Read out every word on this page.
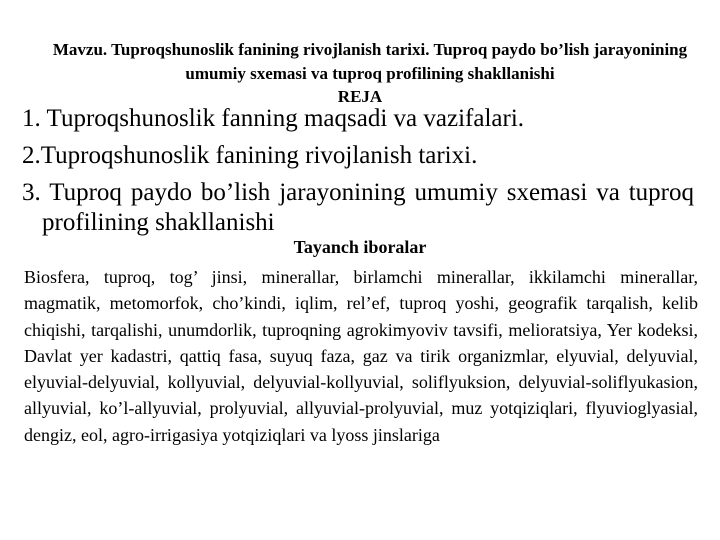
Mavzu. Tuproqshunoslik fanining rivojlanish tarixi. Tuproq paydo bo’lish jarayonining umumiy sxemasi va tuproq profilining shakllanishi
REJA
1. Tuproqshunoslik fanning maqsadi va vazifalari.
2.Tuproqshunoslik fanining rivojlanish tarixi.
3. Tuproq paydo bo’lish jarayonining umumiy sxemasi va tuproq profilining shakllanishi
Tayanch iboralar

Biosfera, tuproq, tog’ jinsi, minerallar, birlamchi minerallar, ikkilamchi minerallar, magmatik, metomorfok, cho’kindi, iqlim, rel’ef, tuproq yoshi, geografik tarqalish, kelib chiqishi, tarqalishi, unumdorlik, tuproqning agrokimyoviv tavsifi, melioratsiya, Yer kodeksi, Davlat yer kadastri, qattiq fasa, suyuq faza, gaz va tirik organizmlar, elyuvial, delyuvial, elyuvial-delyuvial, kollyuvial, delyuvial-kollyuvial, soliflyuksion, delyuvial-soliflyukasion, allyuvial, ko’l-allyuvial, prolyuvial, allyuvial-prolyuvial, muz yotqiziqlari, flyuvioglyasial, dengiz, eol, agro-irrigasiya yotqiziqlari va lyoss jinslariga
